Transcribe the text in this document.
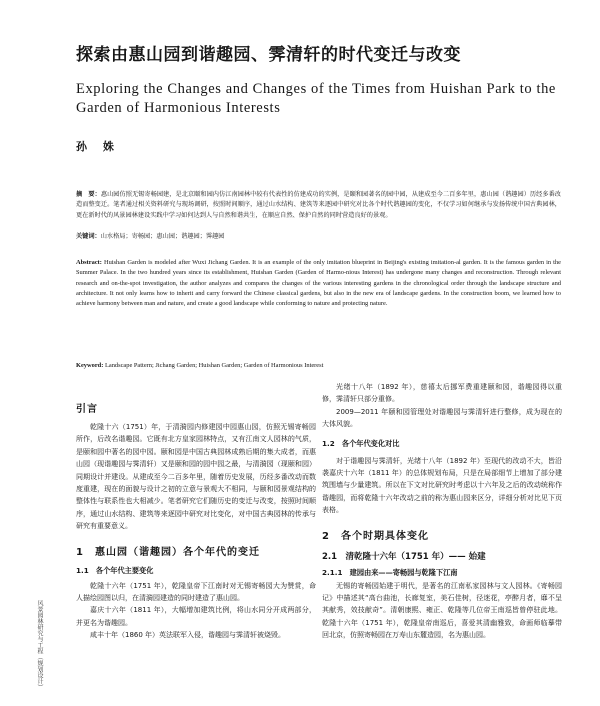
探索由惠山园到谐趣园、霁清轩的时代变迁与改变
Exploring the Changes and Changes of the Times from Huishan Park to the Garden of Harmonious Interests
孙 姝
摘　要：惠山园仿照无锡寄畅园建，是北京颐和园内仿江南园林中较有代表性的仿建成功的实例，是颐和园著名的园中园，从建成至今二百多年里，惠山园（谐趣园）历经多番改造而整变迁。笔者通过相关资料研究与现场调研，按照时间顺序，通过山水结构、建筑等来逐园中研究对比各个时代谐趣园的变化，不仅学习如何继承与发扬传统中国古典园林，更在新时代的风景园林建设实践中学习如何达到人与自然和谐共生，在顺应自然、保护自然的同时营造良好的景观。
关键词：山水格局；寄畅园；惠山园；谐趣园；霁趣园
Abstract: Huishan Garden is modeled after Wuxi Jichang Garden. It is an example of the only imitation blueprint in Beijing's existing imitation-al garden. It is the famous garden in the Summer Palace. In the two hundred years since its establishment, Huishan Garden (Garden of Harmo-nious Interest) has undergone many changes and reconstruction. Through relevant research and on-the-spot investigation, the author analyzes and compares the changes of the various interesting gardens in the chronological order through the landscape structure and architecture. It not only learns how to inherit and carry forward the Chinese classical gardens, but also in the new era of landscape gardens. In the construction boom, we learned how to achieve harmony between man and nature, and create a good landscape while conforming to nature and protecting nature.
Keyword: Landscape Pattern; Jichang Garden; Huishan Garden; Garden of Harmonious Interest
引言
乾隆十六（1751）年，于清漪园内修建园中园惠山园，仿照无锡寄畅园所作，后改名谐趣园。它既有北方皇家园林特点，又有江南文人园林的气质，是颐和园中著名的园中园。颐和园是中国古典园林成熟后期的集大成者，而惠山园（现谐趣园与霁清轩）又是颐和园的园中园之最，与清漪园（现颐和园）同期设计并建设。从建成至今二百多年里，随着历史发展，历经多番改动而数度重建，现在的面貌与设计之初的立意与景观大不相同，与颐和园景观结构的整体性与联系性也大相减少。笔者研究它们随历史的变迁与改变，按照时间顺序，通过山水结构、建筑等来逐园中研究对比变化，对中国古典园林的传承与研究有重要意义。
1　惠山园（谐趣园）各个年代的变迁
1.1　各个年代主要变化
乾隆十六年（1751 年），乾隆皇帝下江南时对无锡寄畅园大为赞赏，命人描绘园图以归，在清漪园建造的同时建造了惠山园。
嘉庆十六年（1811 年），大幅增加建筑比例，将山水同分开成两部分，并更名为谐趣园。
咸丰十年（1860 年）英法联军入侵，谐趣园与霁清轩被烧毁。
光绪十八年（1892 年），慈禧太后挪军费重建颐和园，谐趣园得以重修，霁清轩只部分重修。
2009—2011 年颐和园管理处对谐趣园与霁清轩进行整修，成为现在的大体风貌。
1.2　各个年代变化对比
对于谐趣园与霁清轩，光绪十八年（1892 年）至现代的改动不大，皆沿袭嘉庆十六年（1811 年）的总体规划布局，只是在局部细节上增加了部分建筑围墙与少量建筑。所以在下文对比研究时考虑以十六年及之后的改动统称作谐趣园，而将乾隆十六年改动之前的称为惠山园来区分，详细分析对比见下页表格。
2　各个时期具体变化
2.1　清乾隆十六年（1751 年）—— 始建
2.1.1　建园由来——寄畅园与乾隆下江南
无锡的寄畅园始建于明代，是著名的江南私家园林与文人园林。《寄畅园记》中描述其“高台曲池，长廊复室，美石佳树，径迷花，亭醉月者，靡不呈其献秀，效技献奇”。清朝康熙、雍正、乾隆等几位帝王南巡皆曾停驻此地。乾隆十六年（1751 年），乾隆皇帝南巡后，喜爱其清幽雅致，命画师临摹带回北京，仿照寄畅园在万寿山东麓造园，名为惠山园。
风景园林研究与工程（规划设计）
